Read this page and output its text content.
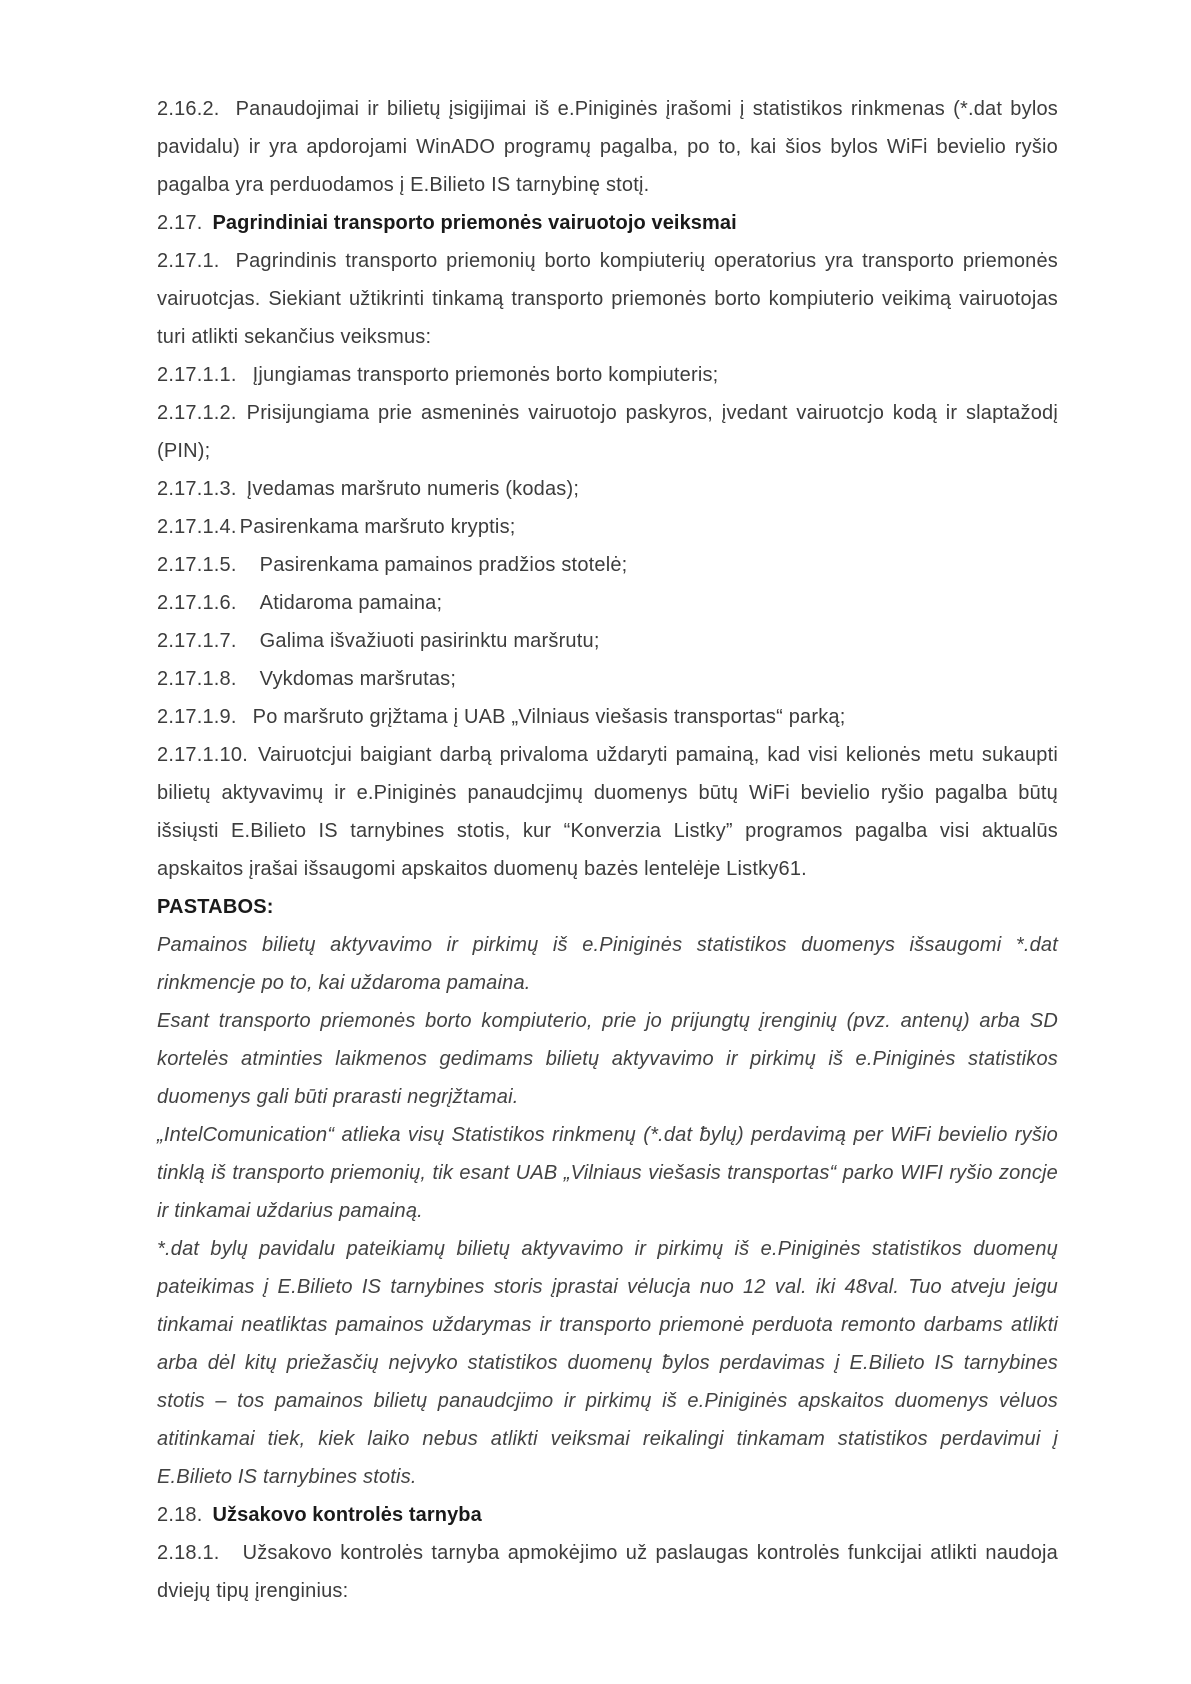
2.16.2. Panaudojimai ir bilietų įsigijimai iš e.Piniginės įrašomi į statistikos rinkmenas (*.dat bylos pavidalu) ir yra apdorojami WinADO programų pagalba, po to, kai šios bylos WiFi bevielio ryšio pagalba yra perduodamos į E.Bilieto IS tarnybinę stotį.

2.17. Pagrindiniai transporto priemonės vairuotojo veiksmai

2.17.1. Pagrindinis transporto priemonių borto kompiuterių operatorius yra transporto priemonės vairuotcjas. Siekiant užtikrinti tinkamą transporto priemonės borto kompiuterio veikimą vairuotojas turi atlikti sekančius veiksmus:

2.17.1.1. Įjungiamas transporto priemonės borto kompiuteris;

2.17.1.2. Prisijungiama prie asmeninės vairuotojo paskyros, įvedant vairuotcjo kodą ir slaptažodį (PIN);

2.17.1.3. Įvedamas maršruto numeris (kodas);

2.17.1.4. Pasirenkama maršruto kryptis;

2.17.1.5. Pasirenkama pamainos pradžios stotelė;

2.17.1.6. Atidaroma pamaina;

2.17.1.7. Galima išvažiuoti pasirinktu maršrutu;

2.17.1.8. Vykdomas maršrutas;

2.17.1.9. Po maršruto grįžtama į UAB „Vilniaus viešasis transportas“ parką;

2.17.1.10. Vairuotcjui baigiant darbą privaloma uždaryti pamainą, kad visi kelionės metu sukaupti bilietų aktyvavimų ir e.Piniginės panaudcjimų duomenys būtų WiFi bevielio ryšio pagalba būtų išsiųsti E.Bilieto IS tarnybines stotis, kur “Konverzia Listky” programos pagalba visi aktualūs apskaitos įrašai išsaugomi apskaitos duomenų bazės lentelėje Listky61.

PASTABOS:

Pamainos bilietų aktyvavimo ir pirkimų iš e.Piniginės statistikos duomenys išsaugomi *.dat rinkmencje po to, kai uždaroma pamaina.

Esant transporto priemonės borto kompiuterio, prie jo prijungtų įrenginių (pvz. antenų) arba SD kortelės atminties laikmenos gedimams bilietų aktyvavimo ir pirkimų iš e.Piniginės statistikos duomenys gali būti prarasti negrįžtamai.

„IntelComunication“ atlieka visų Statistikos rinkmenų (*.dat ƀylų) perdavimą per WiFi bevielio ryšio tinklą iš transporto priemonių, tik esant UAB „Vilniaus viešasis transportas“ parko WIFI ryšio zoncje ir tinkamai uždarius pamainą.

*.dat bylų pavidalu pateikiamų bilietų aktyvavimo ir pirkimų iš e.Piniginės statistikos duomenų pateikimas į E.Bilieto IS tarnybines storis įprastai vėlucja nuo 12 val. iki 48val. Tuo atveju jeigu tinkamai neatliktas pamainos uždarymas ir transporto priemonė perduota remonto darbams atlikti arba dėl kitų priežasčių nejvyko statistikos duomenų ƀylos perdavimas į E.Bilieto IS tarnybines stotis – tos pamainos bilietų panaudcjimo ir pirkimų iš e.Piniginės apskaitos duomenys vėluos atitinkamai tiek, kiek laiko nebus atlikti veiksmai reikalingi tinkamam statistikos perdavimui į E.Bilieto IS tarnybines stotis.

2.18. Užsakovo kontrolės tarnyba

2.18.1. Užsakovo kontrolės tarnyba apmokėjimo už paslaugas kontrolės funkcijai atlikti naudoja dviejų tipų įrenginius:
